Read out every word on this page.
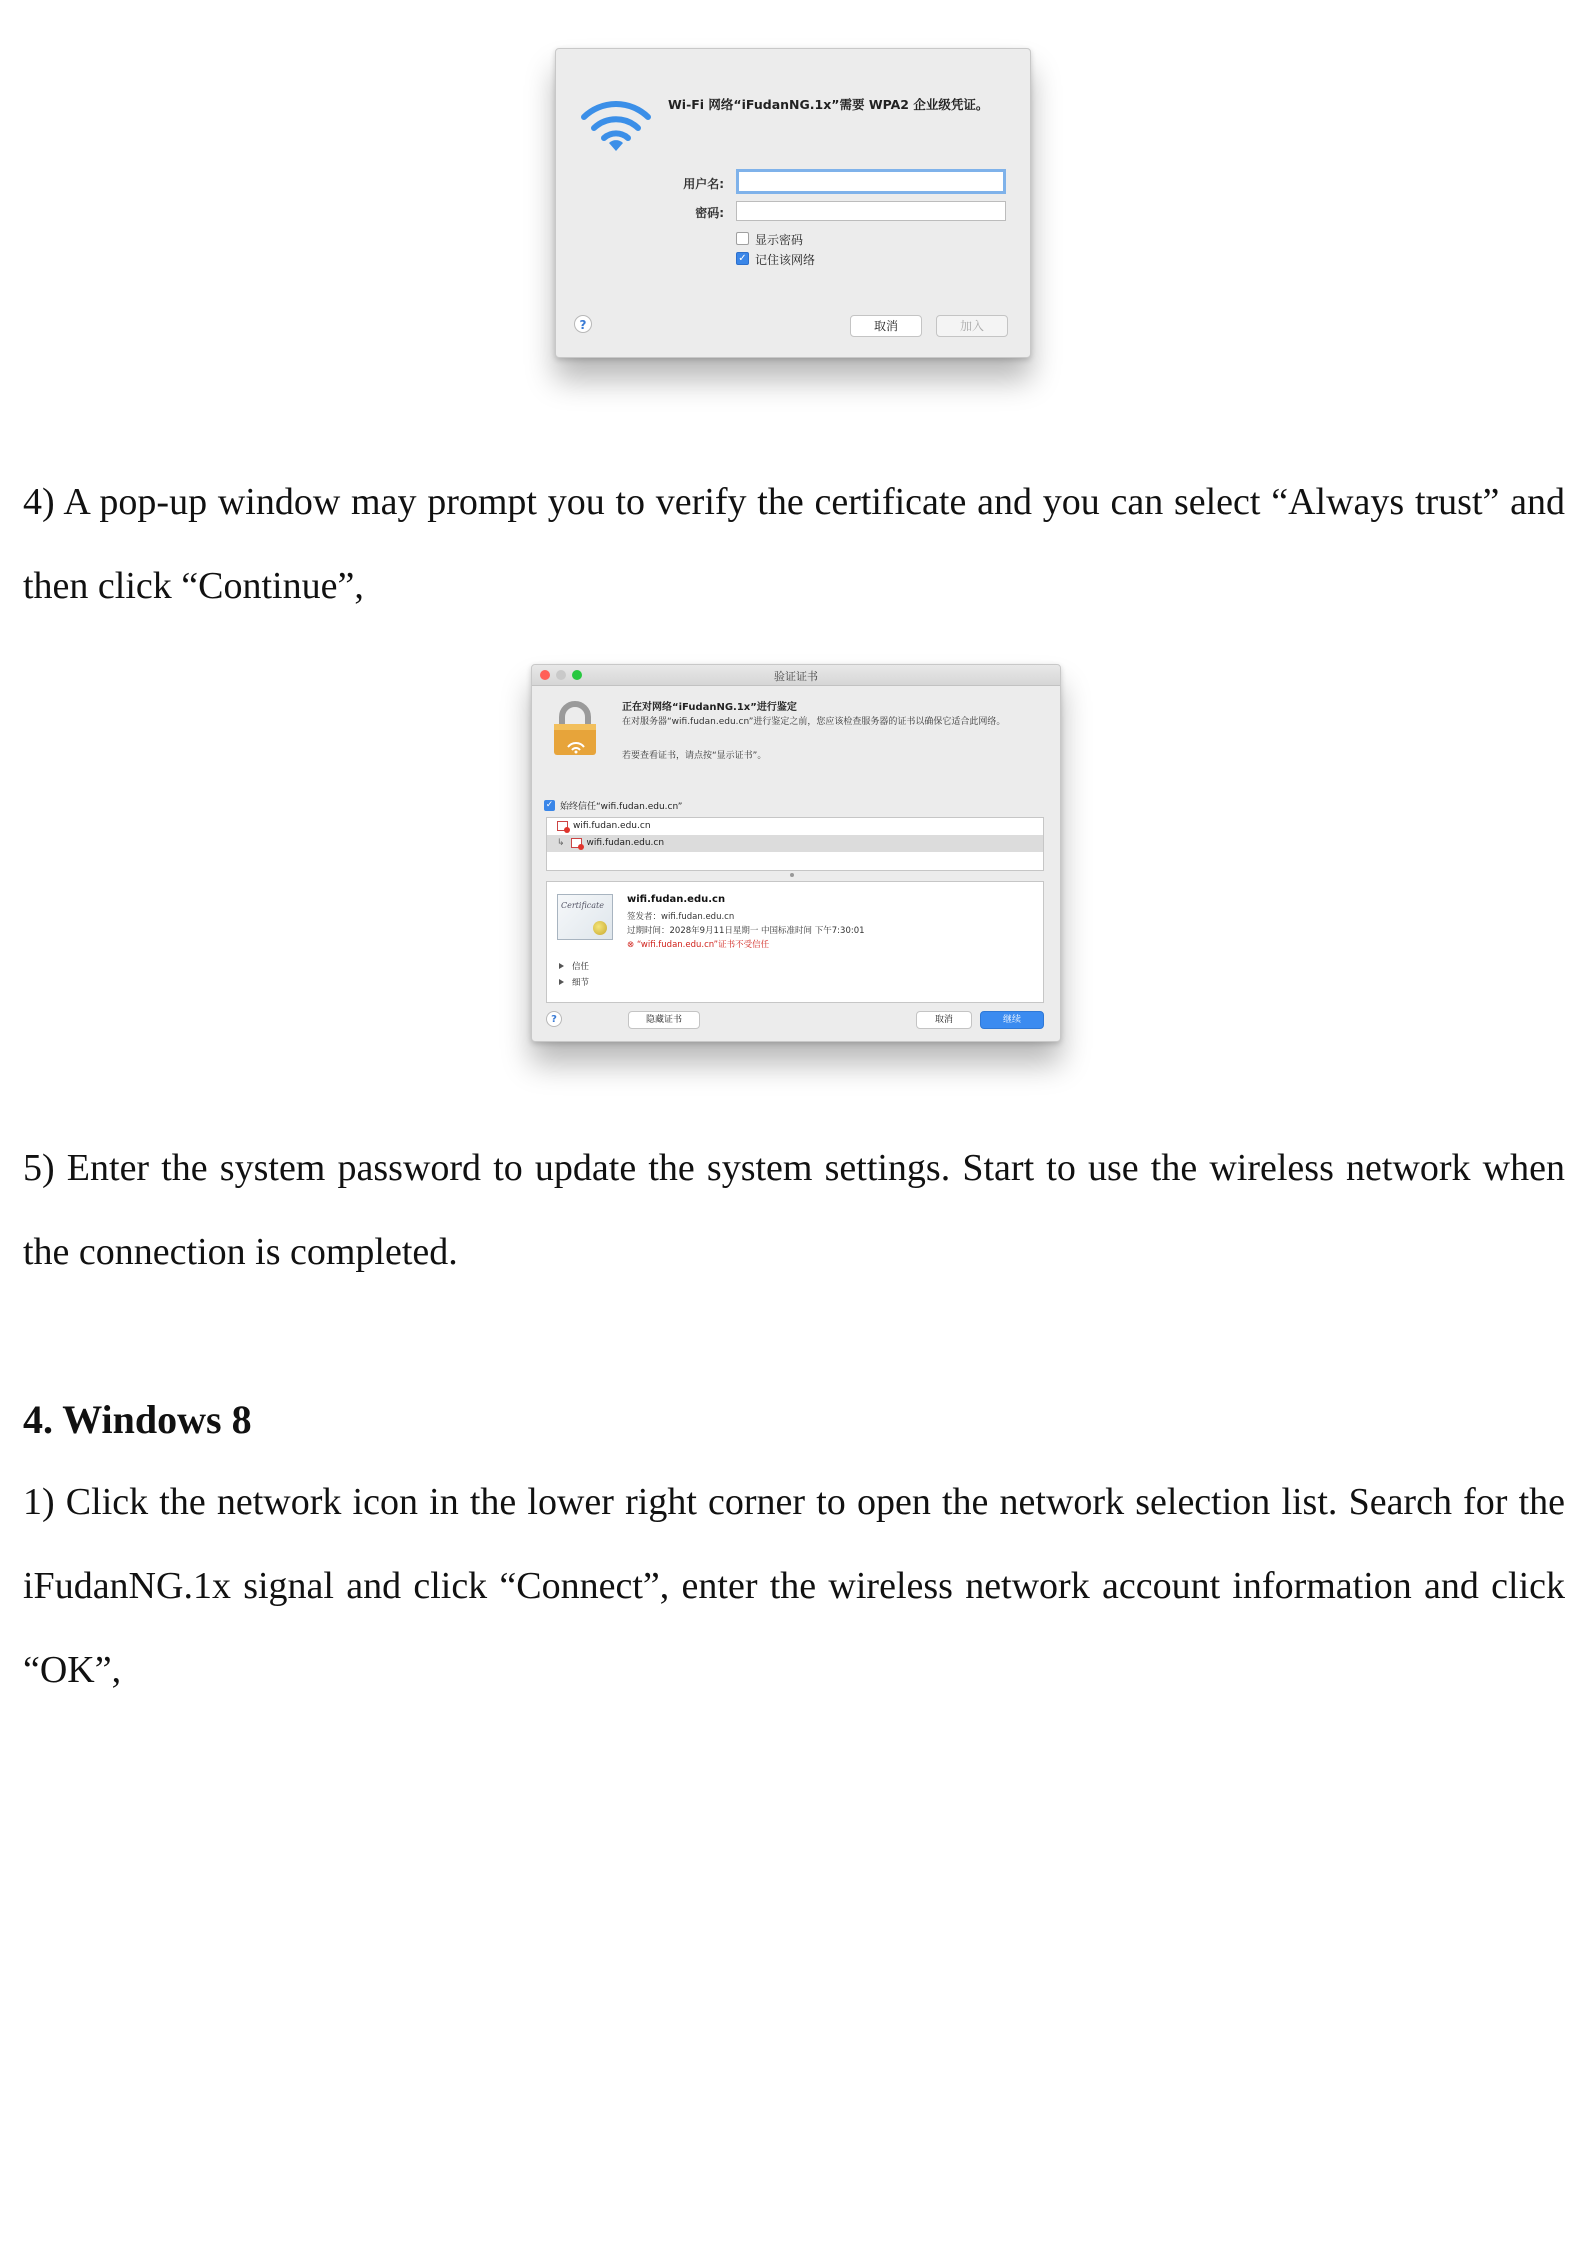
Wi-Fi 网络“iFudanNG.1x”需要 WPA2 企业级凭证。
用户名:
密码:
显示密码
✓ 记住该网络
?	取消	加入
4) A pop-up window may prompt you to verify the certificate and you can select “Always trust” and then click “Continue”,
验证证书
正在对网络“iFudanNG.1x”进行鉴定
在对服务器“wifi.fudan.edu.cn”进行鉴定之前，您应该检查服务器的证书以确保它适合此网络。
若要查看证书，请点按“显示证书”。
✓ 始终信任“wifi.fudan.edu.cn”
wifi.fudan.edu.cn
↳ wifi.fudan.edu.cn
Certificate
wifi.fudan.edu.cn
签发者：wifi.fudan.edu.cn
过期时间：2028年9月11日星期一 中国标准时间 下午7:30:01
⊗ “wifi.fudan.edu.cn”证书不受信任
信任
细节
?	隐藏证书	取消	继续
5) Enter the system password to update the system settings. Start to use the wireless network when the connection is completed.
4. Windows 8
1) Click the network icon in the lower right corner to open the network selection list. Search for the iFudanNG.1x signal and click “Connect”, enter the wireless network account information and click “OK”,
